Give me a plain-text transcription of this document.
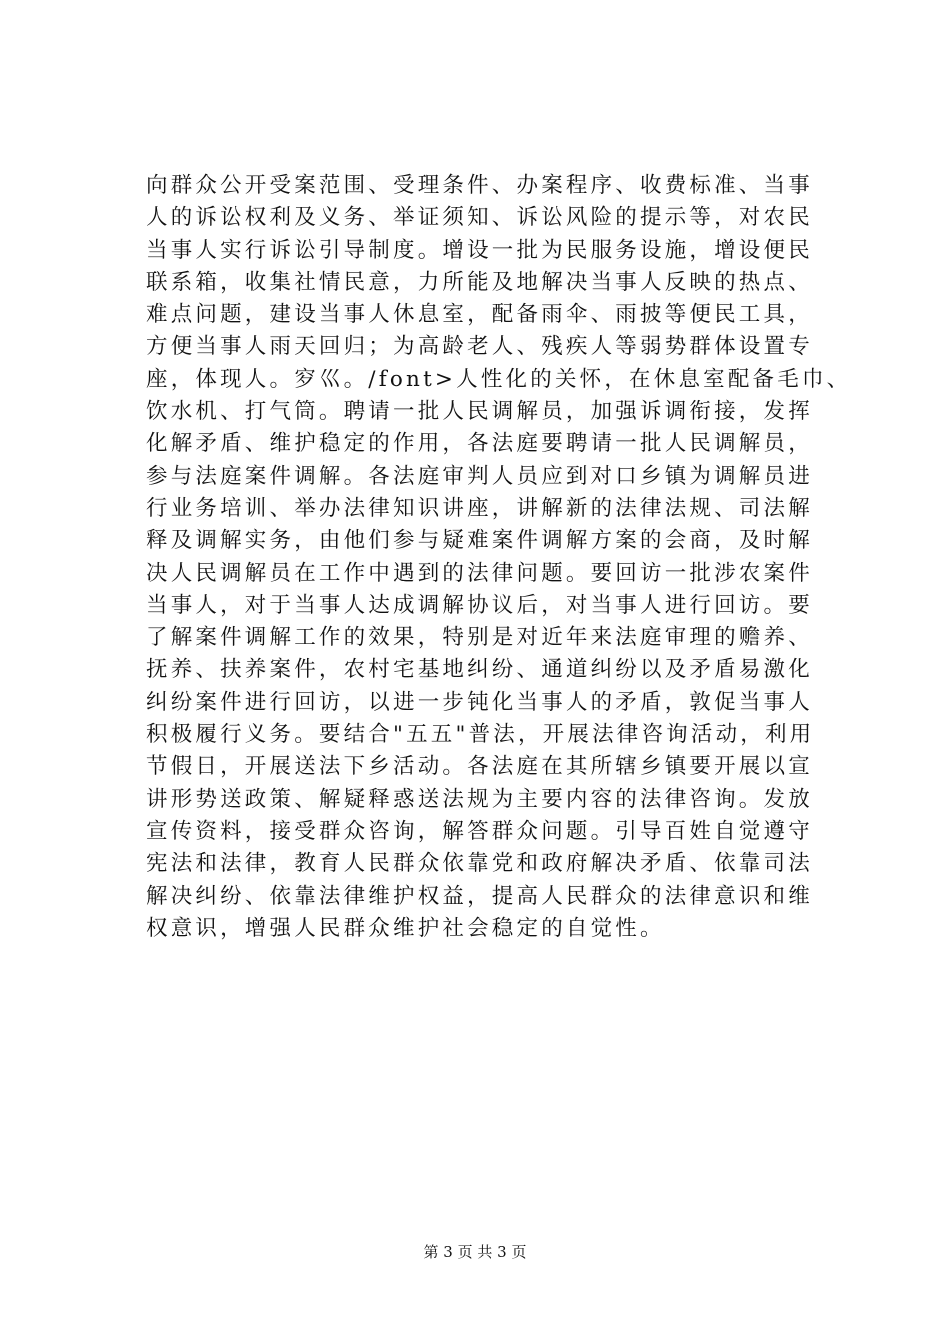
向群众公开受案范围、受理条件、办案程序、收费标准、当事
人的诉讼权利及义务、举证须知、诉讼风险的提示等，对农民
当事人实行诉讼引导制度。增设一批为民服务设施，增设便民
联系箱，收集社情民意，力所能及地解决当事人反映的热点、
难点问题，建设当事人休息室，配备雨伞、雨披等便民工具，
方便当事人雨天回归；为高龄老人、残疾人等弱势群体设置专
座，体现人。穸巛。/font>人性化的关怀，在休息室配备毛巾、
饮水机、打气筒。聘请一批人民调解员，加强诉调衔接，发挥
化解矛盾、维护稳定的作用，各法庭要聘请一批人民调解员，
参与法庭案件调解。各法庭审判人员应到对口乡镇为调解员进
行业务培训、举办法律知识讲座，讲解新的法律法规、司法解
释及调解实务，由他们参与疑难案件调解方案的会商，及时解
决人民调解员在工作中遇到的法律问题。要回访一批涉农案件
当事人，对于当事人达成调解协议后，对当事人进行回访。要
了解案件调解工作的效果，特别是对近年来法庭审理的赡养、
抚养、扶养案件，农村宅基地纠纷、通道纠纷以及矛盾易激化
纠纷案件进行回访，以进一步钝化当事人的矛盾，敦促当事人
积极履行义务。要结合"五五"普法，开展法律咨询活动，利用
节假日，开展送法下乡活动。各法庭在其所辖乡镇要开展以宣
讲形势送政策、解疑释惑送法规为主要内容的法律咨询。发放
宣传资料，接受群众咨询，解答群众问题。引导百姓自觉遵守
宪法和法律，教育人民群众依靠党和政府解决矛盾、依靠司法
解决纠纷、依靠法律维护权益，提高人民群众的法律意识和维
权意识，增强人民群众维护社会稳定的自觉性。
第 3 页 共 3 页
